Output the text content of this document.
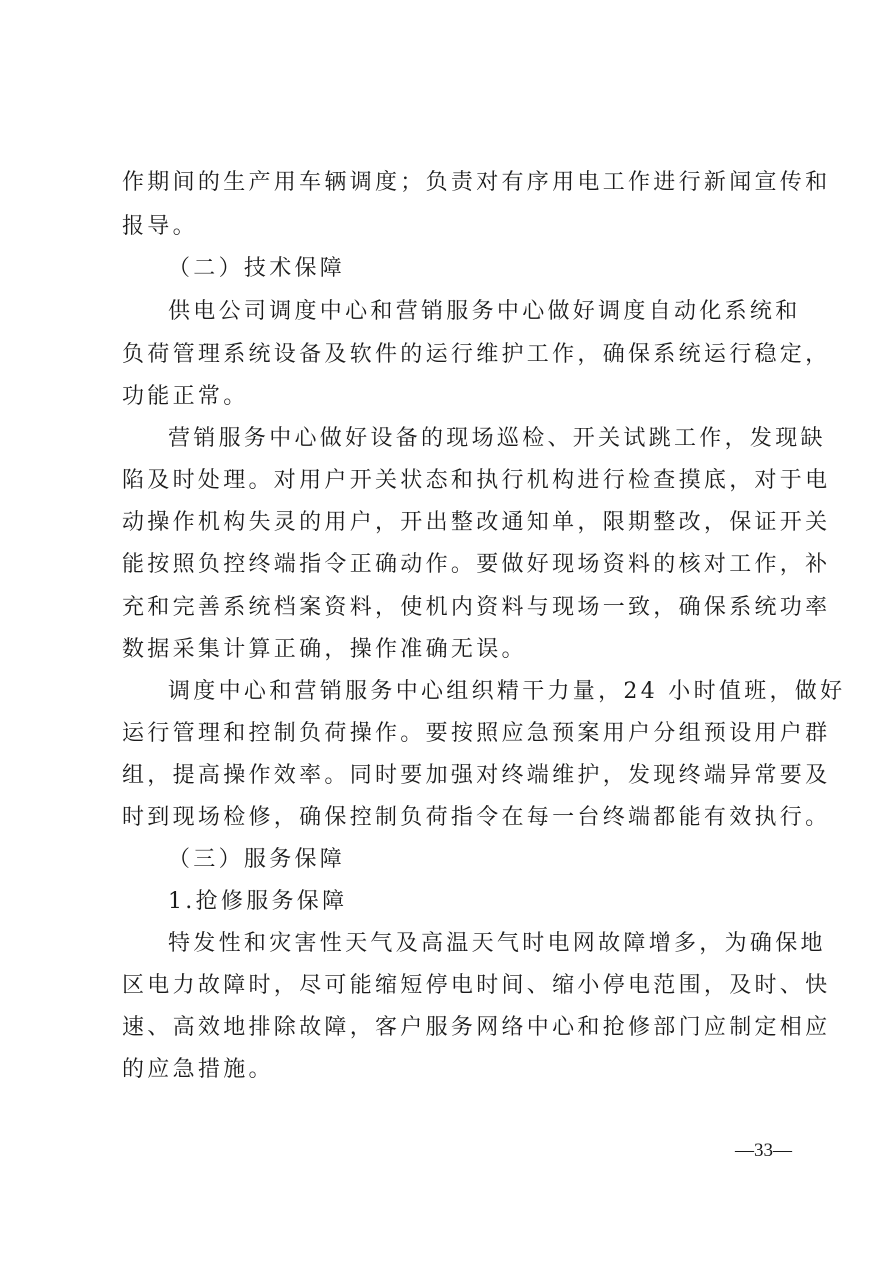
作期间的生产用车辆调度；负责对有序用电工作进行新闻宣传和
报导。
（二）技术保障
供电公司调度中心和营销服务中心做好调度自动化系统和
负荷管理系统设备及软件的运行维护工作，确保系统运行稳定，
功能正常。
营销服务中心做好设备的现场巡检、开关试跳工作，发现缺
陷及时处理。对用户开关状态和执行机构进行检查摸底，对于电
动操作机构失灵的用户，开出整改通知单，限期整改，保证开关
能按照负控终端指令正确动作。要做好现场资料的核对工作，补
充和完善系统档案资料，使机内资料与现场一致，确保系统功率
数据采集计算正确，操作准确无误。
调度中心和营销服务中心组织精干力量，24 小时值班，做好
运行管理和控制负荷操作。要按照应急预案用户分组预设用户群
组，提高操作效率。同时要加强对终端维护，发现终端异常要及
时到现场检修，确保控制负荷指令在每一台终端都能有效执行。
（三）服务保障
1.抢修服务保障
特发性和灾害性天气及高温天气时电网故障增多，为确保地
区电力故障时，尽可能缩短停电时间、缩小停电范围，及时、快
速、高效地排除故障，客户服务网络中心和抢修部门应制定相应
的应急措施。
—33—
